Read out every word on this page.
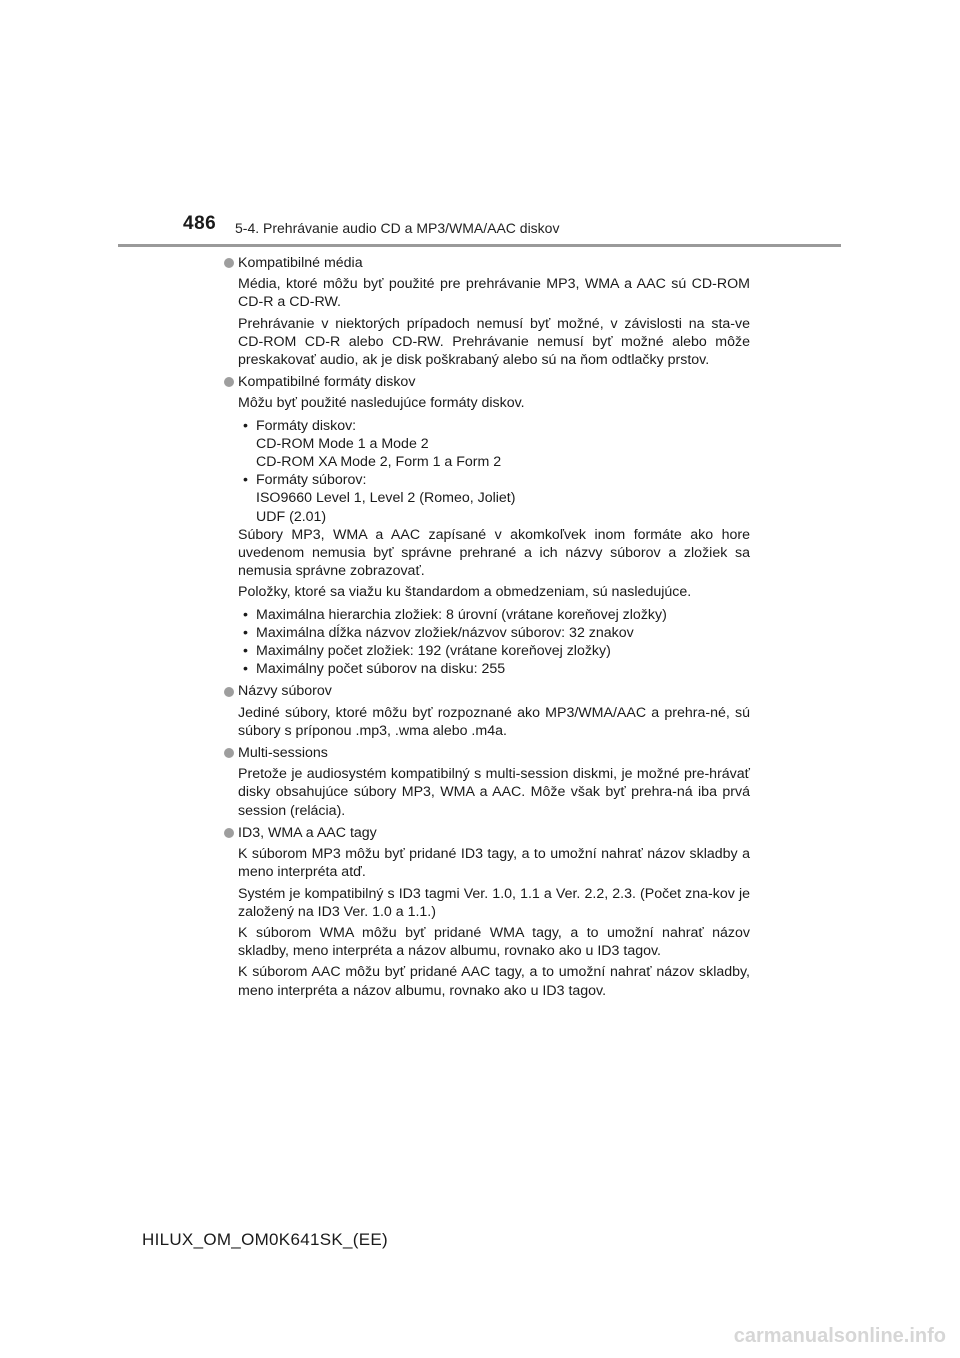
486 5-4. Prehrávanie audio CD a MP3/WMA/AAC diskov
Kompatibilné média
Média, ktoré môžu byť použité pre prehrávanie MP3, WMA a AAC sú CD-ROM CD-R a CD-RW.
Prehrávanie v niektorých prípadoch nemusí byť možné, v závislosti na sta-ve CD-ROM CD-R alebo CD-RW. Prehrávanie nemusí byť možné alebo môže preskakovať audio, ak je disk poškrabaný alebo sú na ňom odtlačky prstov.
Kompatibilné formáty diskov
Môžu byť použité nasledujúce formáty diskov.
• Formáty diskov:
CD-ROM Mode 1 a Mode 2
CD-ROM XA Mode 2, Form 1 a Form 2
• Formáty súborov:
ISO9660 Level 1, Level 2 (Romeo, Joliet)
UDF (2.01)
Súbory MP3, WMA a AAC zapísané v akomkoľvek inom formáte ako hore uvedenom nemusia byť správne prehrané a ich názvy súborov a zložiek sa nemusia správne zobrazovať.
Položky, ktoré sa viažu ku štandardom a obmedzeniam, sú nasledujúce.
• Maximálna hierarchia zložiek: 8 úrovní (vrátane koreňovej zložky)
• Maximálna dĺžka názvov zložiek/názvov súborov: 32 znakov
• Maximálny počet zložiek: 192 (vrátane koreňovej zložky)
• Maximálny počet súborov na disku: 255
Názvy súborov
Jediné súbory, ktoré môžu byť rozpoznané ako MP3/WMA/AAC a prehra-né, sú súbory s príponou .mp3, .wma alebo .m4a.
Multi-sessions
Pretože je audiosystém kompatibilný s multi-session diskmi, je možné pre-hrávať disky obsahujúce súbory MP3, WMA a AAC. Môže však byť prehra-ná iba prvá session (relácia).
ID3, WMA a AAC tagy
K súborom MP3 môžu byť pridané ID3 tagy, a to umožní nahrať názov skladby a meno interpréta atď.
Systém je kompatibilný s ID3 tagmi Ver. 1.0, 1.1 a Ver. 2.2, 2.3. (Počet zna-kov je založený na ID3 Ver. 1.0 a 1.1.)
K súborom WMA môžu byť pridané WMA tagy, a to umožní nahrať názov skladby, meno interpréta a názov albumu, rovnako ako u ID3 tagov.
K súborom AAC môžu byť pridané AAC tagy, a to umožní nahrať názov skladby, meno interpréta a názov albumu, rovnako ako u ID3 tagov.
HILUX_OM_OM0K641SK_(EE)
carmanualsonline.info
